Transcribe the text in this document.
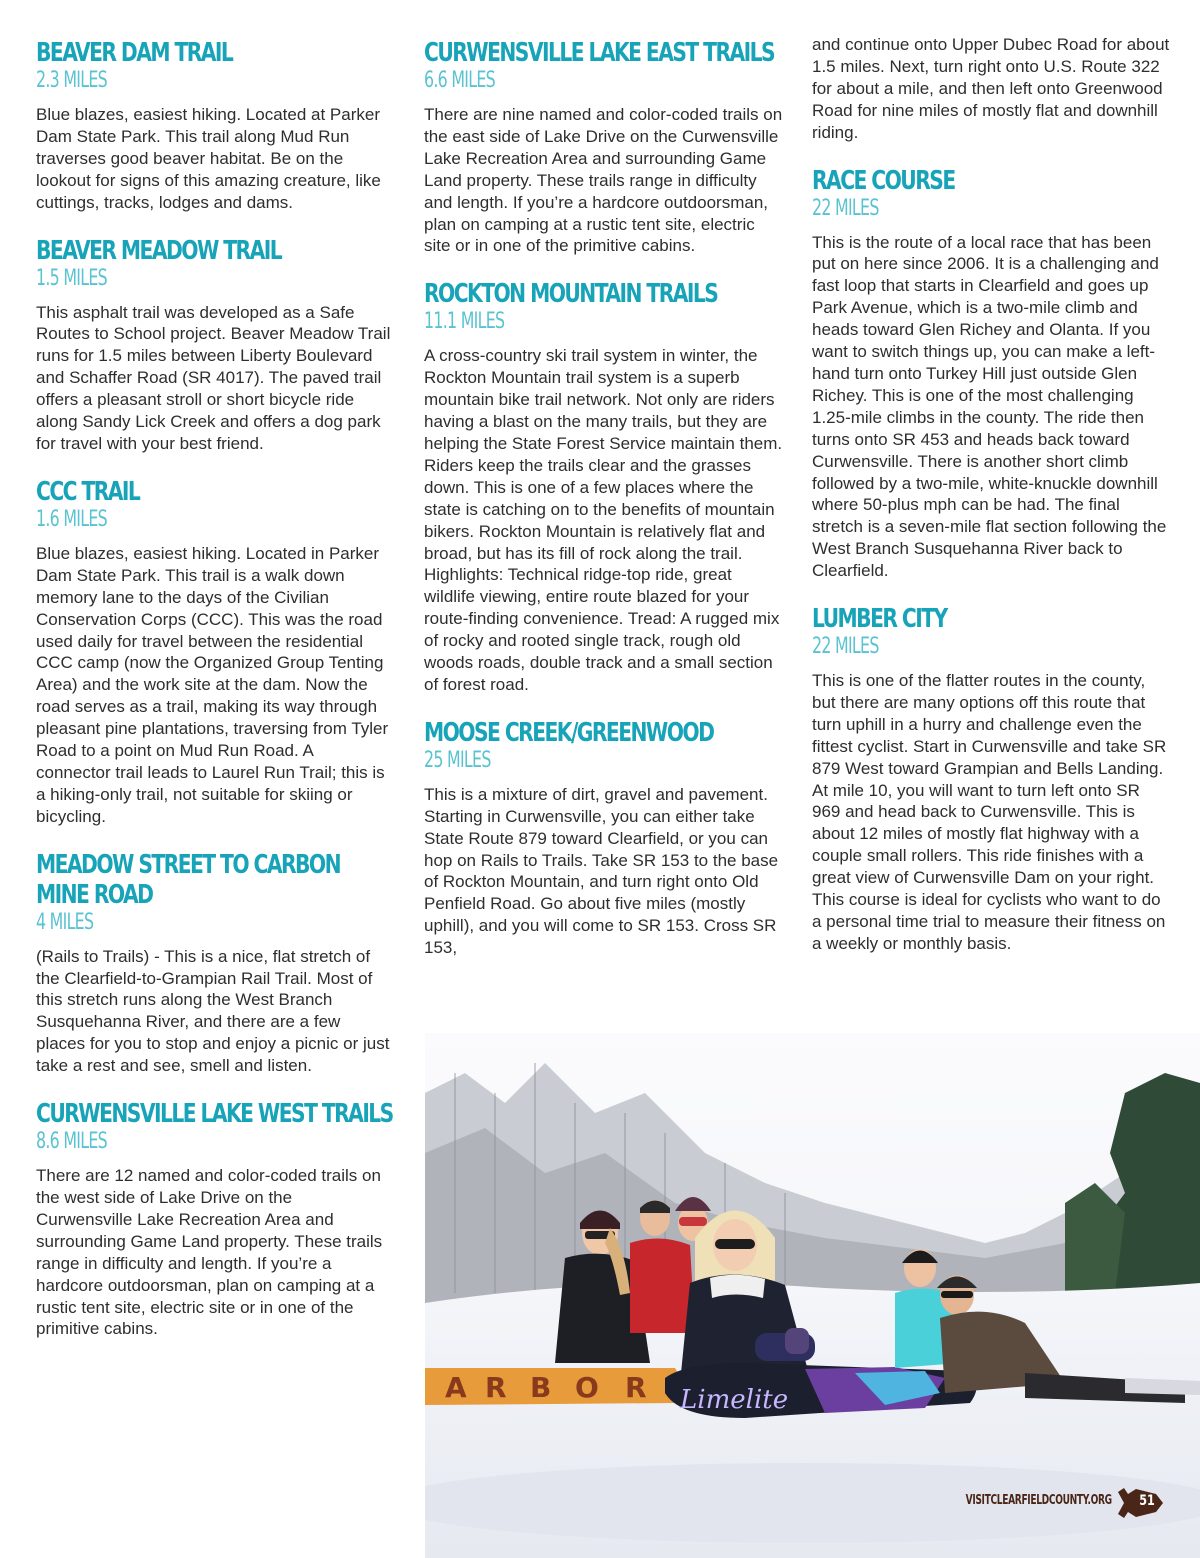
BEAVER DAM TRAIL
2.3 MILES

Blue blazes, easiest hiking. Located at Parker Dam State Park. This trail along Mud Run traverses good beaver habitat. Be on the lookout for signs of this amazing creature, like cuttings, tracks, lodges and dams.

BEAVER MEADOW TRAIL
1.5 MILES

This asphalt trail was developed as a Safe Routes to School project. Beaver Meadow Trail runs for 1.5 miles between Liberty Boulevard and Schaffer Road (SR 4017). The paved trail offers a pleasant stroll or short bicycle ride along Sandy Lick Creek and offers a dog park for travel with your best friend.

CCC TRAIL
1.6 MILES

Blue blazes, easiest hiking. Located in Parker Dam State Park. This trail is a walk down memory lane to the days of the Civilian Conservation Corps (CCC). This was the road used daily for travel between the residential CCC camp (now the Organized Group Tenting Area) and the work site at the dam. Now the road serves as a trail, making its way through pleasant pine plantations, traversing from Tyler Road to a point on Mud Run Road. A connector trail leads to Laurel Run Trail; this is a hiking-only trail, not suitable for skiing or bicycling.

MEADOW STREET TO CARBON MINE ROAD
4 MILES

(Rails to Trails) - This is a nice, flat stretch of the Clearfield-to-Grampian Rail Trail. Most of this stretch runs along the West Branch Susquehanna River, and there are a few places for you to stop and enjoy a picnic or just take a rest and see, smell and listen.

CURWENSVILLE LAKE WEST TRAILS
8.6 MILES

There are 12 named and color-coded trails on the west side of Lake Drive on the Curwensville Lake Recreation Area and surrounding Game Land property. These trails range in difficulty and length. If you’re a hardcore outdoorsman, plan on camping at a rustic tent site, electric site or in one of the primitive cabins.

CURWENSVILLE LAKE EAST TRAILS
6.6 MILES

There are nine named and color-coded trails on the east side of Lake Drive on the Curwensville Lake Recreation Area and surrounding Game Land property. These trails range in difficulty and length. If you’re a hardcore outdoorsman, plan on camping at a rustic tent site, electric site or in one of the primitive cabins.

ROCKTON MOUNTAIN TRAILS
11.1 MILES

A cross-country ski trail system in winter, the Rockton Mountain trail system is a superb mountain bike trail network. Not only are riders having a blast on the many trails, but they are helping the State Forest Service maintain them. Riders keep the trails clear and the grasses down. This is one of a few places where the state is catching on to the benefits of mountain bikers. Rockton Mountain is relatively flat and broad, but has its fill of rock along the trail. Highlights: Technical ridge-top ride, great wildlife viewing, entire route blazed for your route-finding convenience. Tread: A rugged mix of rocky and rooted single track, rough old woods roads, double track and a small section of forest road.

MOOSE CREEK/GREENWOOD
25 MILES

This is a mixture of dirt, gravel and pavement. Starting in Curwensville, you can either take State Route 879 toward Clearfield, or you can hop on Rails to Trails. Take SR 153 to the base of Rockton Mountain, and turn right onto Old Penfield Road. Go about five miles (mostly uphill), and you will come to SR 153. Cross SR 153,

and continue onto Upper Dubec Road for about 1.5 miles. Next, turn right onto U.S. Route 322 for about a mile, and then left onto Greenwood Road for nine miles of mostly flat and downhill riding.

RACE COURSE
22 MILES

This is the route of a local race that has been put on here since 2006. It is a challenging and fast loop that starts in Clearfield and goes up Park Avenue, which is a two-mile climb and heads toward Glen Richey and Olanta. If you want to switch things up, you can make a left-hand turn onto Turkey Hill just outside Glen Richey. This is one of the most challenging 1.25-mile climbs in the county. The ride then turns onto SR 453 and heads back toward Curwensville. There is another short climb followed by a two-mile, white-knuckle downhill where 50-plus mph can be had. The final stretch is a seven-mile flat section following the West Branch Susquehanna River back to Clearfield.

LUMBER CITY
22 MILES

This is one of the flatter routes in the county, but there are many options off this route that turn uphill in a hurry and challenge even the fittest cyclist. Start in Curwensville and take SR 879 West toward Grampian and Bells Landing. At mile 10, you will want to turn left onto SR 969 and head back to Curwensville. This is about 12 miles of mostly flat highway with a couple small rollers. This ride finishes with a great view of Curwensville Dam on your right. This course is ideal for cyclists who want to do a personal time trial to measure their fitness on a weekly or monthly basis.

A R B O R Limelite
VISITCLEARFIELDCOUNTY.ORG 51
